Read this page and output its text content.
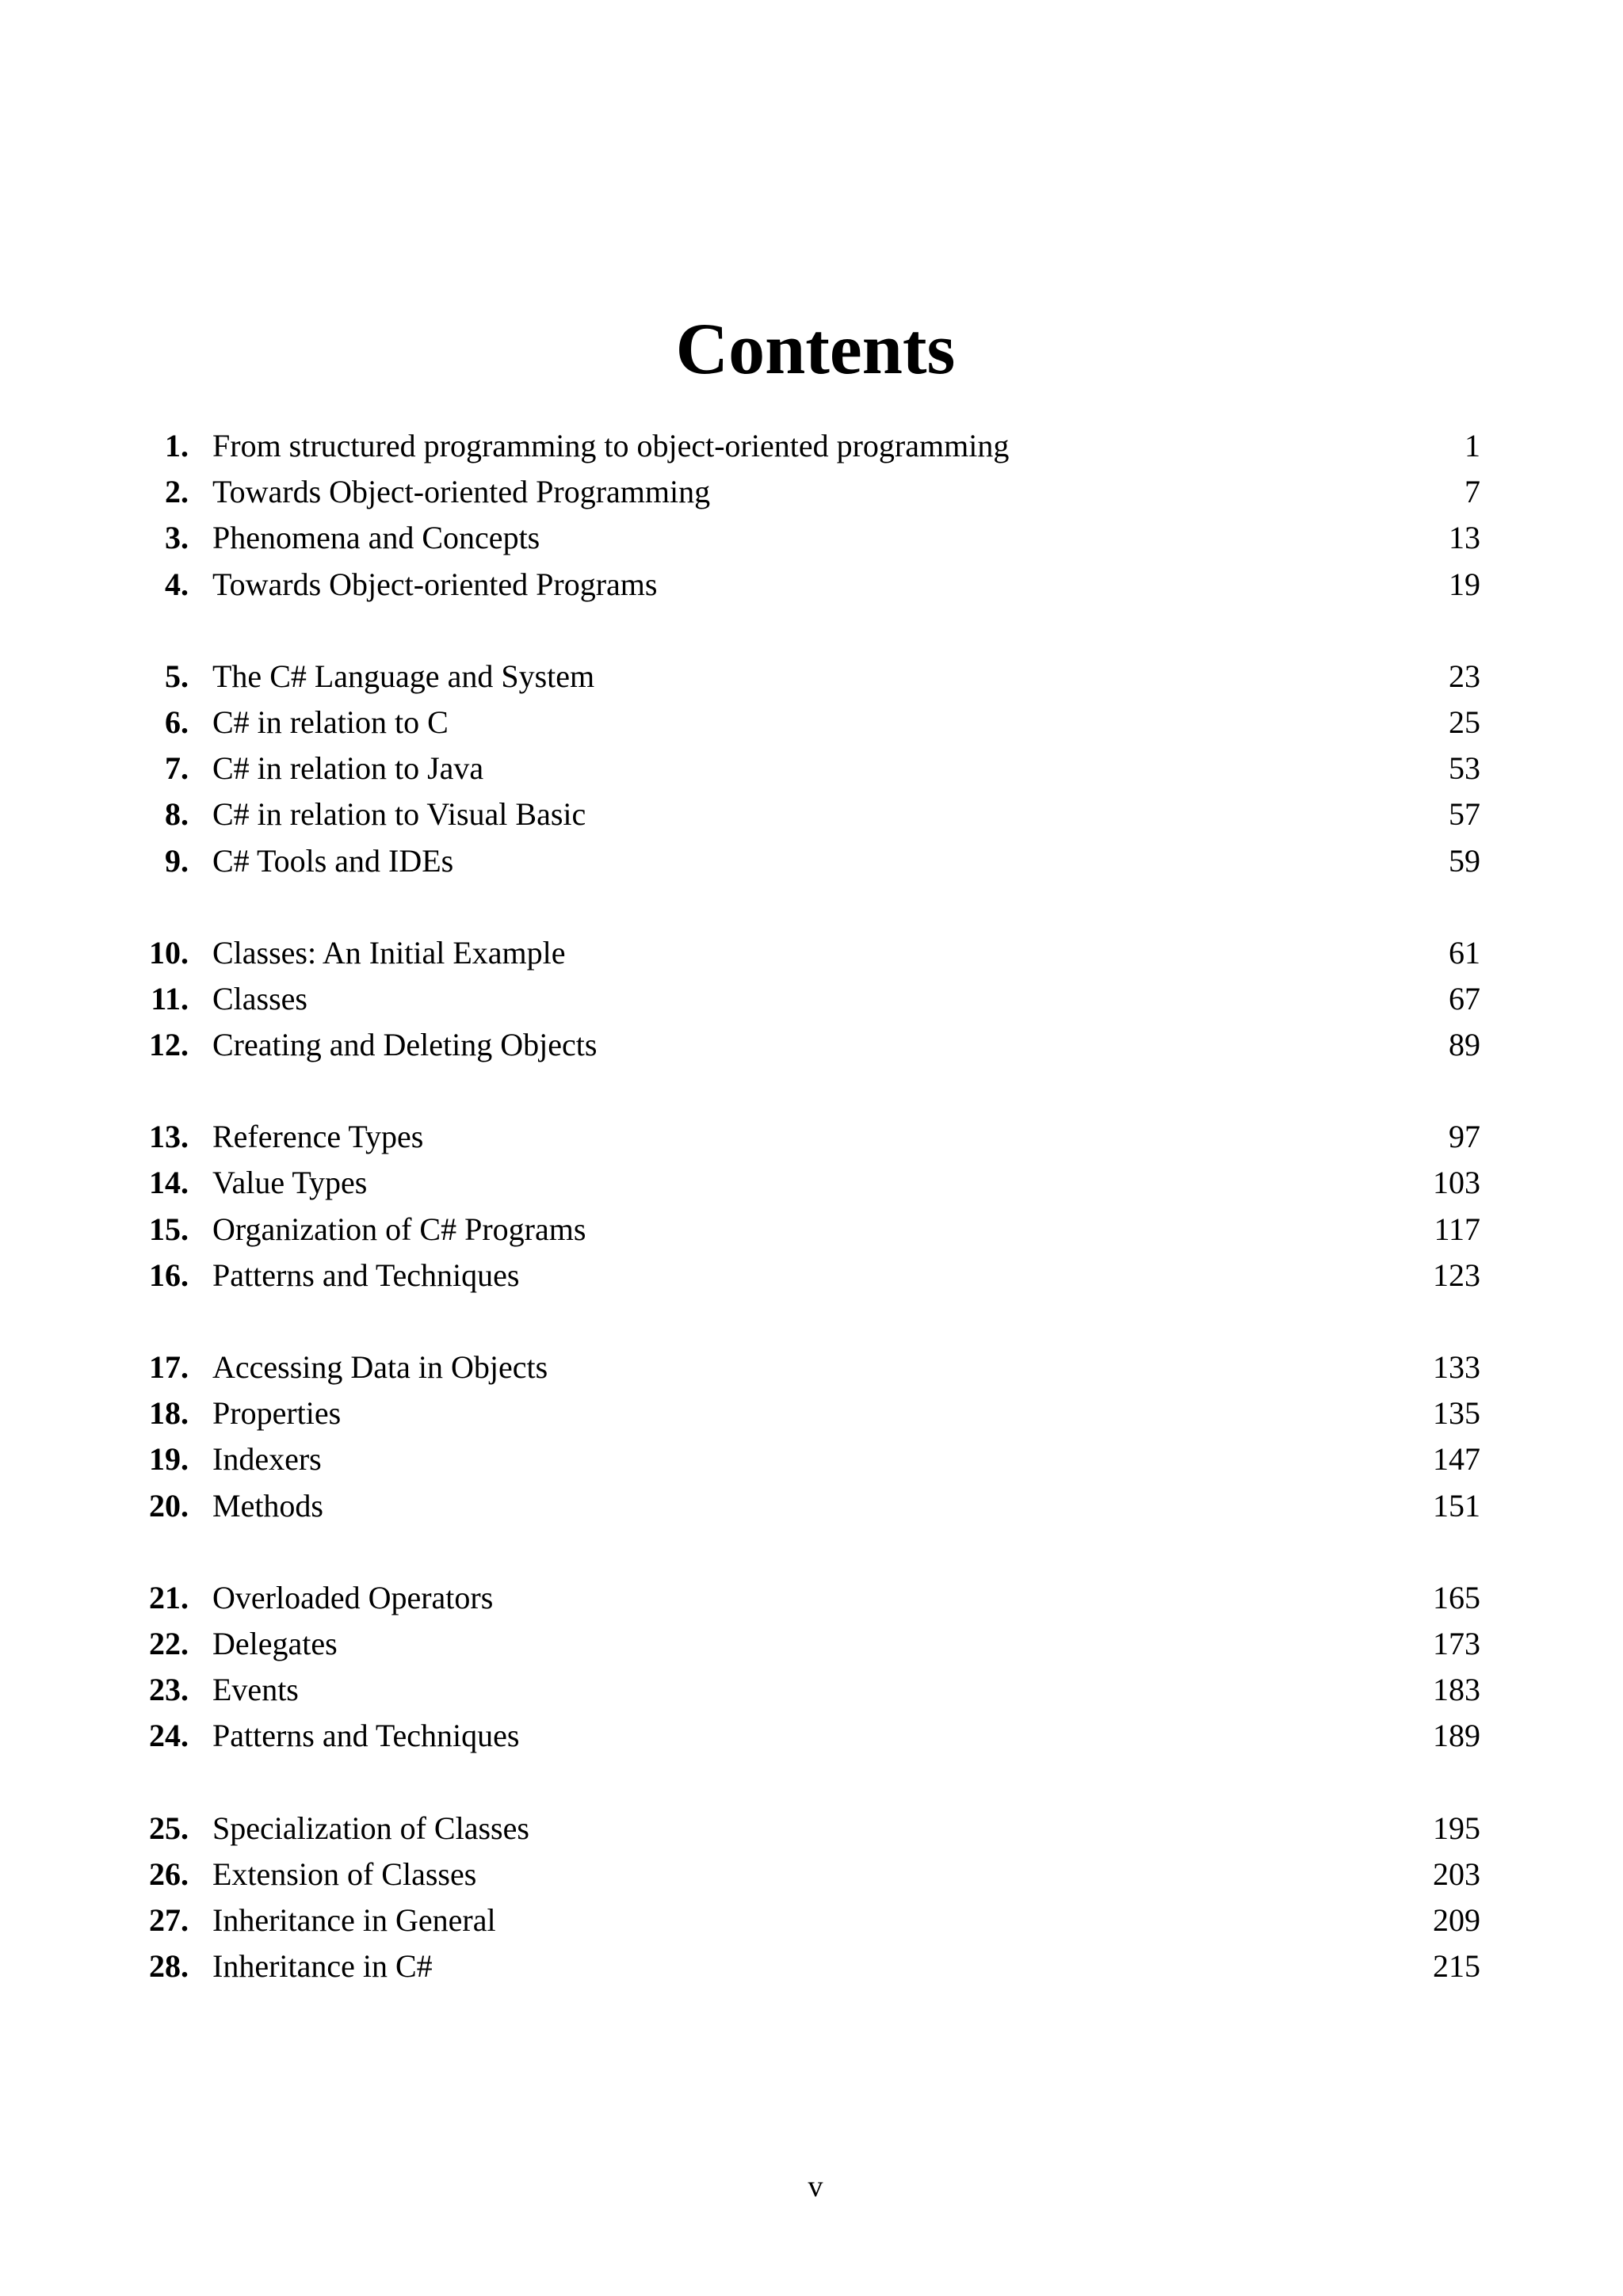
Contents
1. From structured programming to object-oriented programming	1
2. Towards Object-oriented Programming	7
3. Phenomena and Concepts	13
4. Towards Object-oriented Programs	19
5. The C# Language and System	23
6. C# in relation to C	25
7. C# in relation to Java	53
8. C# in relation to Visual Basic	57
9. C# Tools and IDEs	59
10. Classes: An Initial Example	61
11. Classes	67
12. Creating and Deleting Objects	89
13. Reference Types	97
14. Value Types	103
15. Organization of C# Programs	117
16. Patterns and Techniques	123
17. Accessing Data in Objects	133
18. Properties	135
19. Indexers	147
20. Methods	151
21. Overloaded Operators	165
22. Delegates	173
23. Events	183
24. Patterns and Techniques	189
25. Specialization of Classes	195
26. Extension of Classes	203
27. Inheritance in General	209
28. Inheritance in C#	215
v
